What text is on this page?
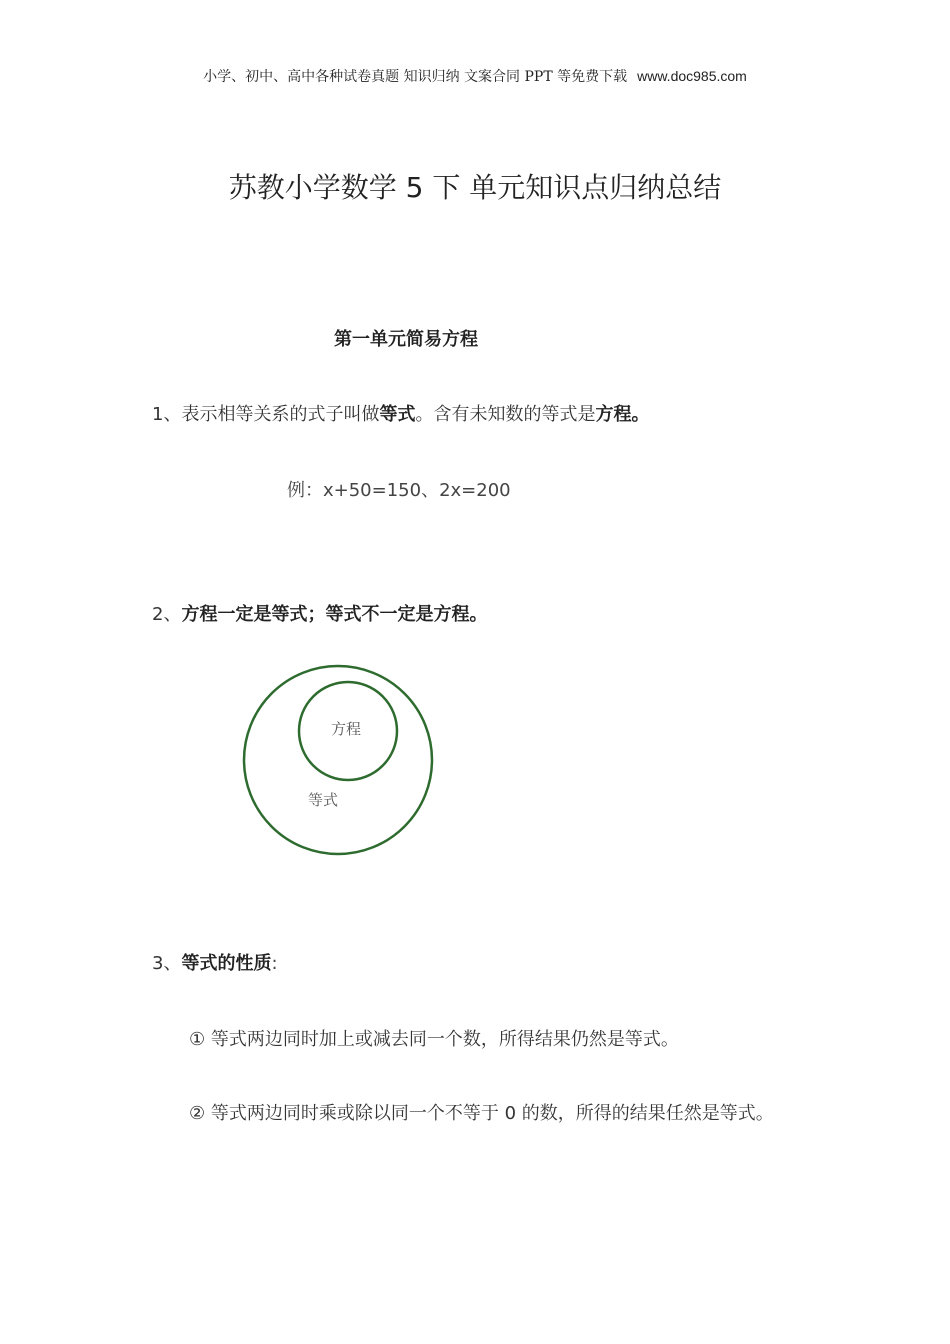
小学、初中、高中各种试卷真题 知识归纳 文案合同 PPT 等免费下载 www.doc985.com
苏教小学数学 5 下 单元知识点归纳总结
第一单元简易方程
1、表示相等关系的式子叫做等式。含有未知数的等式是方程。
例：x+50=150、2x=200
2、方程一定是等式；等式不一定是方程。
方程
等式
3、等式的性质:
① 等式两边同时加上或减去同一个数，所得结果仍然是等式。
② 等式两边同时乘或除以同一个不等于 0 的数，所得的结果任然是等式。
